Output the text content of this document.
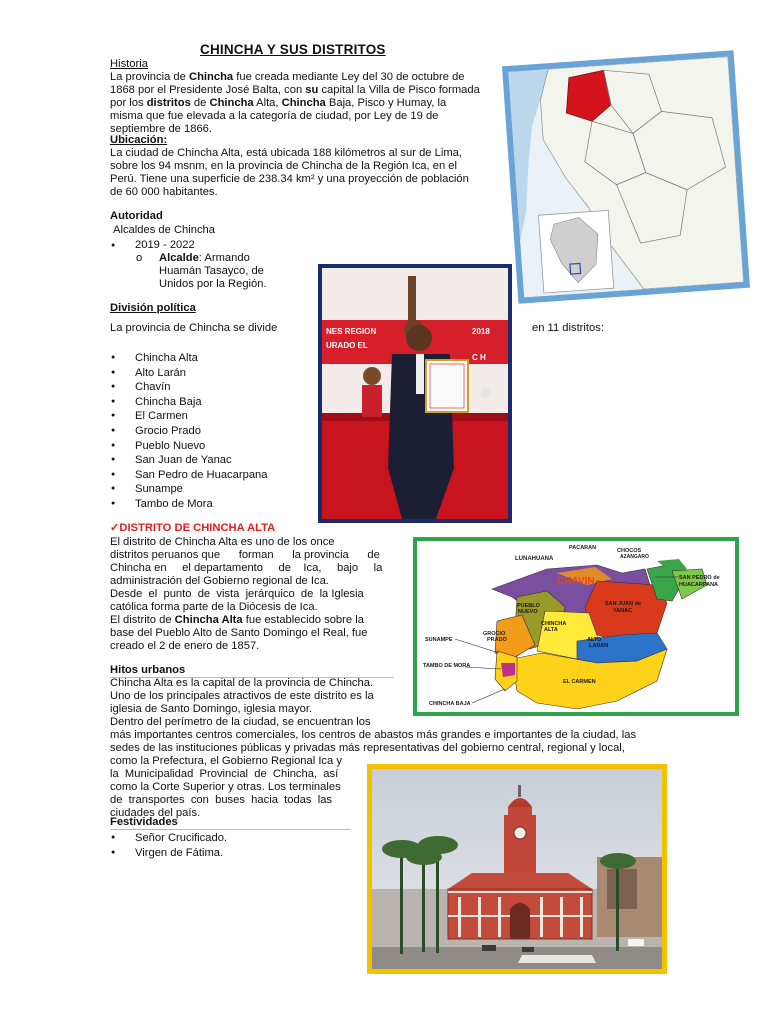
CHINCHA Y SUS DISTRITOS
Historia
La provincia de Chincha fue creada mediante Ley del 30 de octubre de
1868 por el Presidente José Balta, con su capital la Villa de Pisco formada
por los distritos de Chincha Alta, Chincha Baja, Pisco y Humay, la
misma que fue elevada a la categoría de ciudad, por Ley de 19 de
septiembre de 1866.
Ubicación:
La ciudad de Chincha Alta, está ubicada 188 kilómetros al sur de Lima,
sobre los 94 msnm, en la provincia de Chincha de la Región Ica, en el
Perú. Tiene una superficie de 238.34 km² y una proyección de población
de 60 000 habitantes.
Autoridad
Alcaldes de Chincha
● 2019 - 2022
o Alcalde: Armando
Huamán Tasayco, de
Unidos por la Región.
División política
La provincia de Chincha se divide	en 11 distritos:
● Chincha Alta
● Alto Larán
● Chavín
● Chincha Baja
● El Carmen
● Grocio Prado
● Pueblo Nuevo
● San Juan de Yanac
● San Pedro de Huacarpana
● Sunampe
● Tambo de Mora
NES REGION
URADO EL
2018
C H
✓DISTRITO DE CHINCHA ALTA
El distrito de Chincha Alta es uno de los once
distritos peruanos que      forman      la provincia      de
Chincha en     el departamento     de    Ica,     bajo     la
administración del Gobierno regional de Ica.
Desde  el  punto  de  vista  jerárquico  de  la Iglesia
católica forma parte de la Diócesis de Ica.
El distrito de Chincha Alta fue establecido sobre la
base del Pueblo Alto de Santo Domingo el Real, fue
creado el 2 de enero de 1857.
LUNAHUANA
PACARAN	CHOCOS
AZANGARO
CHAVIN	SAN PEDRO de
HUACARPANA
PUEBLO
NUEVO
SAN JUAN de
YANAC
GROCIO
PRADO
CHINCHA
ALTA
ALTO
LARAN
SUNAMPE
TAMBO DE MORA
EL CARMEN
CHINCHA BAJA
Hitos urbanos
Chincha Alta es la capital de la provincia de Chincha.
Uno de los principales atractivos de este distrito es la
iglesia de Santo Domingo, iglesia mayor.
Dentro del perímetro de la ciudad, se encuentran los
más importantes centros comerciales, los centros de abastos más grandes e importantes de la ciudad, las
sedes de las instituciones públicas y privadas más representativas del gobierno central, regional y local,
como la Prefectura, el Gobierno Regional Ica y
la  Municipalidad  Provincial  de  Chincha,  así
como la Corte Superior y otras. Los terminales
de  transportes  con  buses  hacia  todas  las
ciudades del país.
Festividades
● Señor Crucificado.
● Virgen de Fátima.
